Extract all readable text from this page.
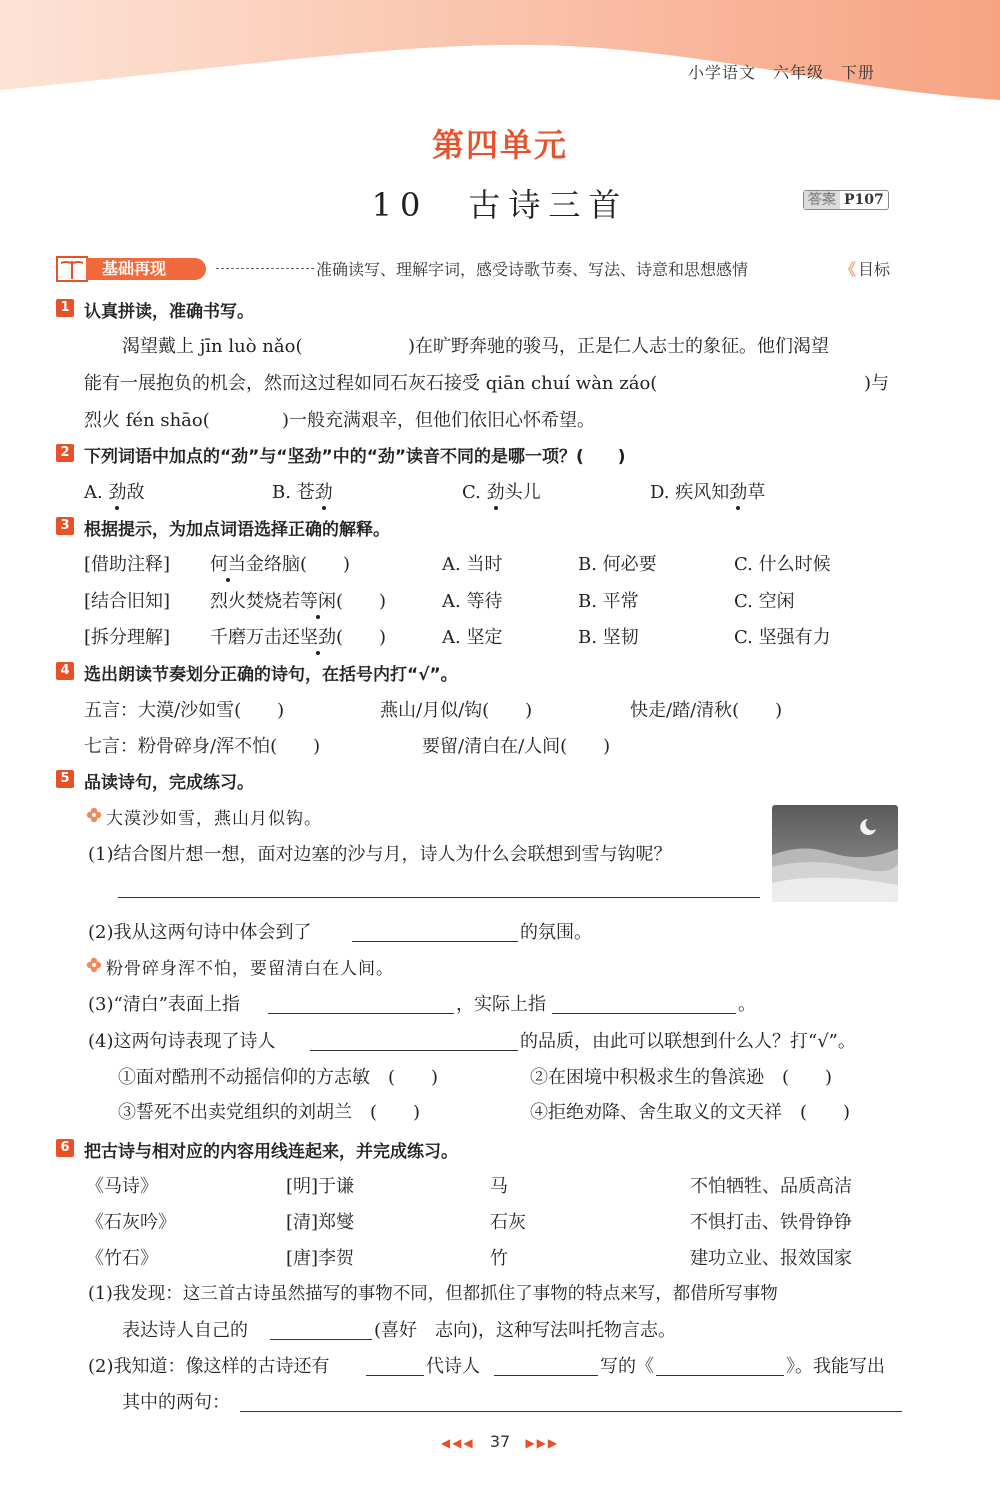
小学语文　六年级　下册
第四单元
10　古诗三首	答案 P107
基础再现	准确读写、理解字词，感受诗歌节奏、写法、诗意和思想感情	《 目标
1 认真拼读，准确书写。
渴望戴上 jīn luò nǎo(	)在旷野奔驰的骏马，正是仁人志士的象征。他们渴望
能有一展抱负的机会，然而这过程如同石灰石接受 qiān chuí wàn záo(	)与
烈火 fén shāo(	)一般充满艰辛，但他们依旧心怀希望。
2 下列词语中加点的“劲”与“坚劲”中的“劲”读音不同的是哪一项？(　　)
A. 劲敌	B. 苍劲	C. 劲头儿	D. 疾风知劲草
3 根据提示，为加点词语选择正确的解释。
[借助注释] 何当金络脑(　　)	A. 当时	B. 何必要	C. 什么时候
[结合旧知] 烈火焚烧若等闲(　　)	A. 等待	B. 平常	C. 空闲
[拆分理解] 千磨万击还坚劲(　　)	A. 坚定	B. 坚韧	C. 坚强有力
4 选出朗读节奏划分正确的诗句，在括号内打“√”。
五言：大漠/沙如雪(　　)	燕山/月似/钩(　　)	快走/踏/清秋(　　)
七言：粉骨碎身/浑不怕(　　)	要留/清白在/人间(　　)
5 品读诗句，完成练习。
大漠沙如雪，燕山月似钩。
(1)结合图片想一想，面对边塞的沙与月，诗人为什么会联想到雪与钩呢？
(2)我从这两句诗中体会到了	的氛围。
粉骨碎身浑不怕，要留清白在人间。
(3)“清白”表面上指	，实际上指	。
(4)这两句诗表现了诗人	的品质，由此可以联想到什么人？打“√”。
①面对酷刑不动摇信仰的方志敏　(　　)	②在困境中积极求生的鲁滨逊　(　　)
③誓死不出卖党组织的刘胡兰　(　　)	④拒绝劝降、舍生取义的文天祥　(　　)
6 把古诗与相对应的内容用线连起来，并完成练习。
《马诗》	[明]于谦	马	不怕牺牲、品质高洁
《石灰吟》	[清]郑燮	石灰	不惧打击、铁骨铮铮
《竹石》	[唐]李贺	竹	建功立业、报效国家
(1)我发现：这三首古诗虽然描写的事物不同，但都抓住了事物的特点来写，都借所写事物
表达诗人自己的	(喜好　志向)，这种写法叫托物言志。
(2)我知道：像这样的古诗还有	代诗人	写的《	》。我能写出
其中的两句：
◀◀◀ 37 ▶▶▶
